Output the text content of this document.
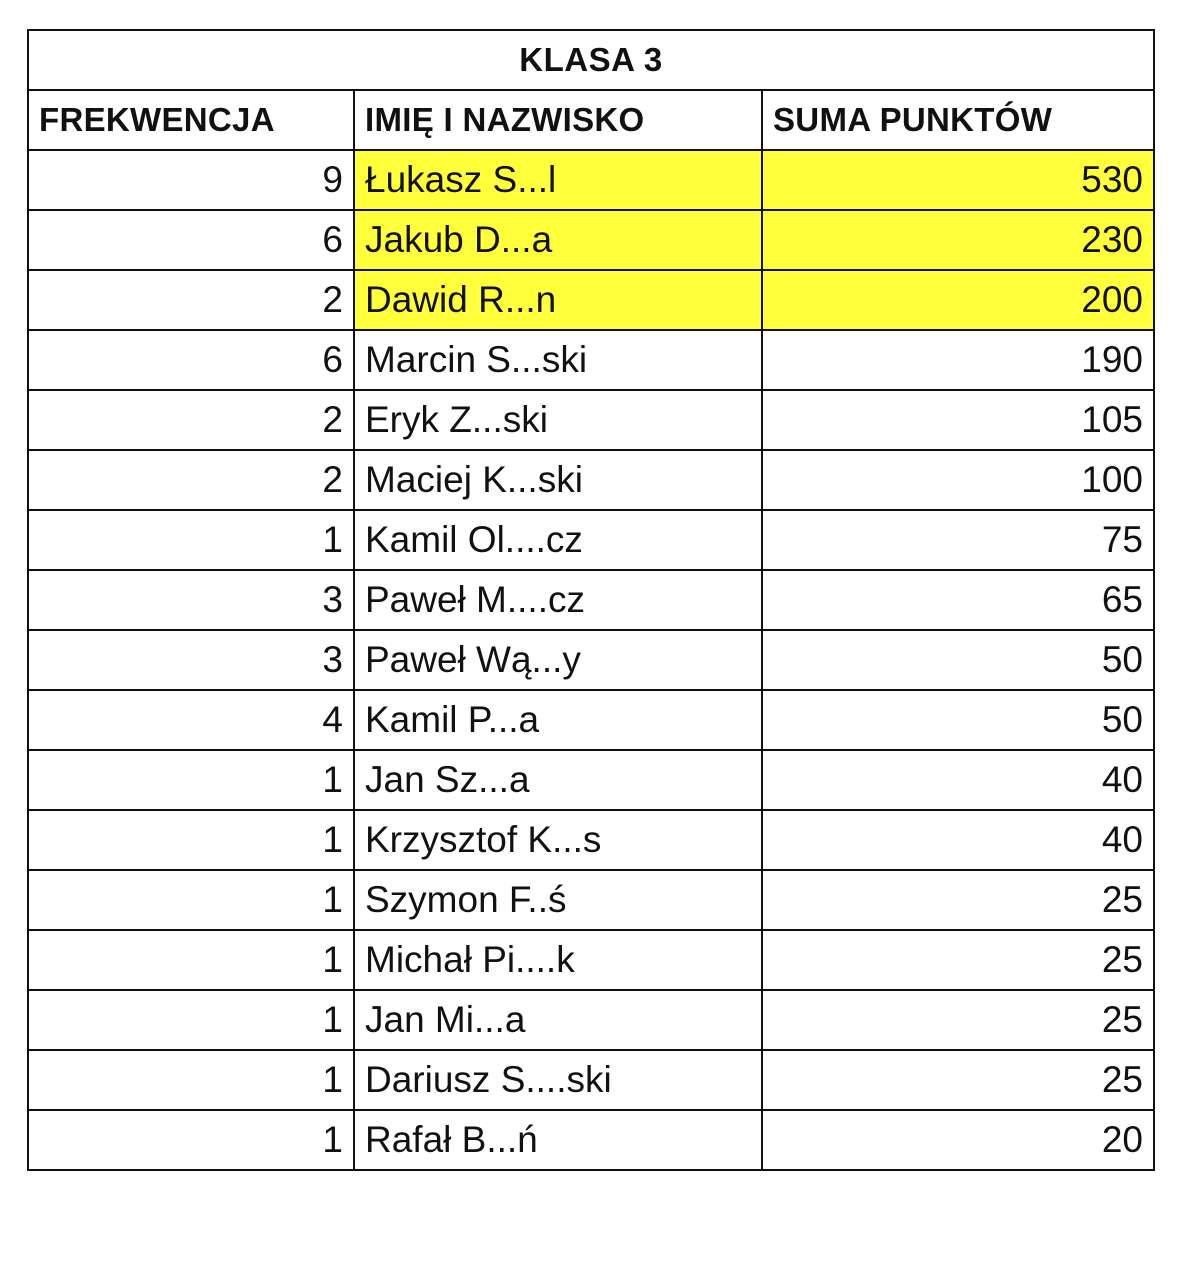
KLASA 3		
FREKWENCJA	IMIĘ I NAZWISKO	SUMA PUNKTÓW
9	Łukasz S...l	530
6	Jakub D...a	230
2	Dawid R...n	200
6	Marcin S...ski	190
2	Eryk Z...ski	105
2	Maciej K...ski	100
1	Kamil Ol....cz	75
3	Paweł M....cz	65
3	Paweł Wą...y	50
4	Kamil P...a	50
1	Jan Sz...a	40
1	Krzysztof K...s	40
1	Szymon F..ś	25
1	Michał Pi....k	25
1	Jan Mi...a	25
1	Dariusz S....ski	25
1	Rafał B...ń	20
